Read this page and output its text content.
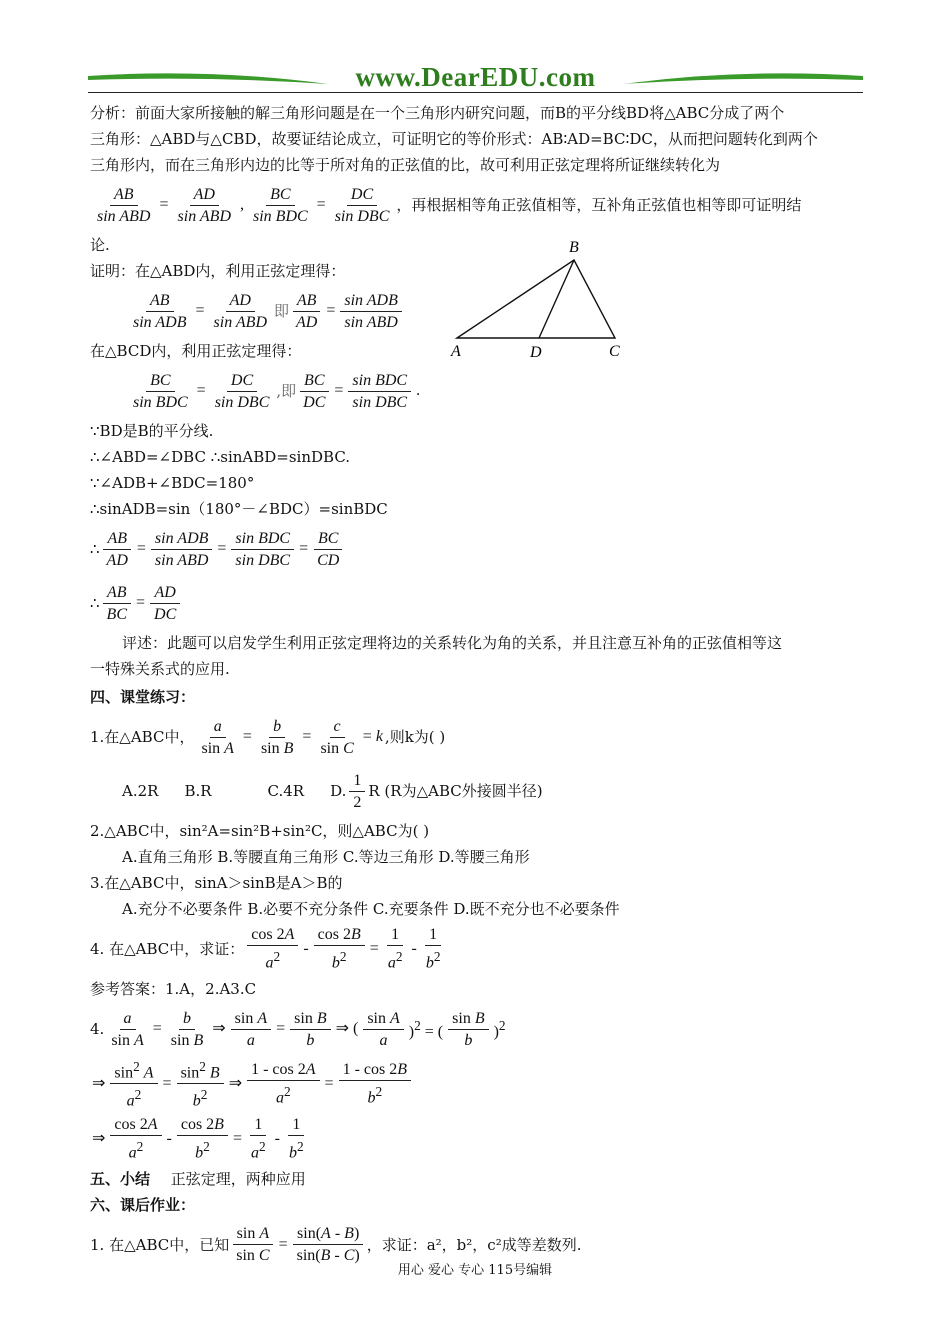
www.DearEDU.com
B
A	D	C
分析：前面大家所接触的解三角形问题是在一个三角形内研究问题，而B的平分线BD将△ABC分成了两个
三角形：△ABD与△CBD，故要证结论成立，可证明它的等价形式：AB∶AD=BC∶DC，从而把问题转化到两个
三角形内，而在三角形内边的比等于所对角的正弦值的比，故可利用正弦定理将所证继续转化为
$\frac{AB}{\text{sin ABD}} = \frac{AD}{\text{sin ABD}}$ , $\frac{BC}{\text{sin BDC}} = \frac{DC}{\text{sin DBC}}$ ，再根据相等角正弦值相等，互补角正弦值也相等即可证明结
论.
证明：在△ABD内，利用正弦定理得：
$\frac{AB}{\text{sin ADB}} = \frac{AD}{\text{sin ABD}}$ 即 $\frac{AB}{AD} = \frac{\text{sin ADB}}{\text{sin ABD}}$
在△BCD内，利用正弦定理得：
$\frac{BC}{\text{sin BDC}} = \frac{DC}{\text{sin DBC}}$ ,即 $\frac{BC}{DC} = \frac{\text{sin BDC}}{\text{sin DBC}}$ .
∵BD是B的平分线.
∴∠ABD=∠DBC ∴sinABD=sinDBC.
∵∠ADB+∠BDC=180°
∴sinADB=sin（180°－∠BDC）=sinBDC
∴ $\frac{AB}{AD} = \frac{\text{sin ADB}}{\text{sin ABD}} = \frac{\text{sin BDC}}{\text{sin DBC}} = \frac{BC}{CD}$
∴ $\frac{AB}{BC} = \frac{AD}{DC}$
评述：此题可以启发学生利用正弦定理将边的关系转化为角的关系，并且注意互补角的正弦值相等这
一特殊关系式的应用.
四、课堂练习：
1.在△ABC中， $\frac{a}{\text{sin A}} = \frac{b}{\text{sin B}} = \frac{c}{\text{sin C}} = k$ ,则k为( )
A.2R B.R	C.4R D. $\frac{1}{2}$ R (R为△ABC外接圆半径)
2.△ABC中，sin²A=sin²B+sin²C，则△ABC为( )
A.直角三角形 B.等腰直角三角形 C.等边三角形 D.等腰三角形
3.在△ABC中，sinA＞sinB是A＞B的
A.充分不必要条件 B.必要不充分条件 C.充要条件 D.既不充分也不必要条件
4. 在△ABC中，求证： $\frac{\cos 2A}{a^2} - \frac{\cos 2B}{b^2} = \frac{1}{a^2} - \frac{1}{b^2}$
参考答案：1.A，2.A3.C
4. $\frac{a}{\text{sin A}} = \frac{b}{\text{sin B}}$ ⇒ $\frac{\text{sin A}}{a} = \frac{\text{sin B}}{b}$ ⇒ ( $\frac{\text{sin A}}{a} )^2$ = ( $\frac{\text{sin B}}{b} )^2$
⇒ $\frac{\sin^2 A}{a^2} = \frac{\sin^2 B}{b^2}$ ⇒ $\frac{1 - \cos 2A}{a^2} = \frac{1 - \cos 2B}{b^2}$
⇒ $\frac{\cos 2A}{a^2} - \frac{\cos 2B}{b^2} = \frac{1}{a^2} - \frac{1}{b^2}$
五、小结 正弦定理，两种应用
六、课后作业：
1. 在△ABC中，已知 $\frac{\text{sin A}}{\text{sin C}} = \frac{\sin(A - B)}{\sin(B - C)}$ ，求证：a²，b²，c²成等差数列.
用心 爱心 专心 115号编辑
